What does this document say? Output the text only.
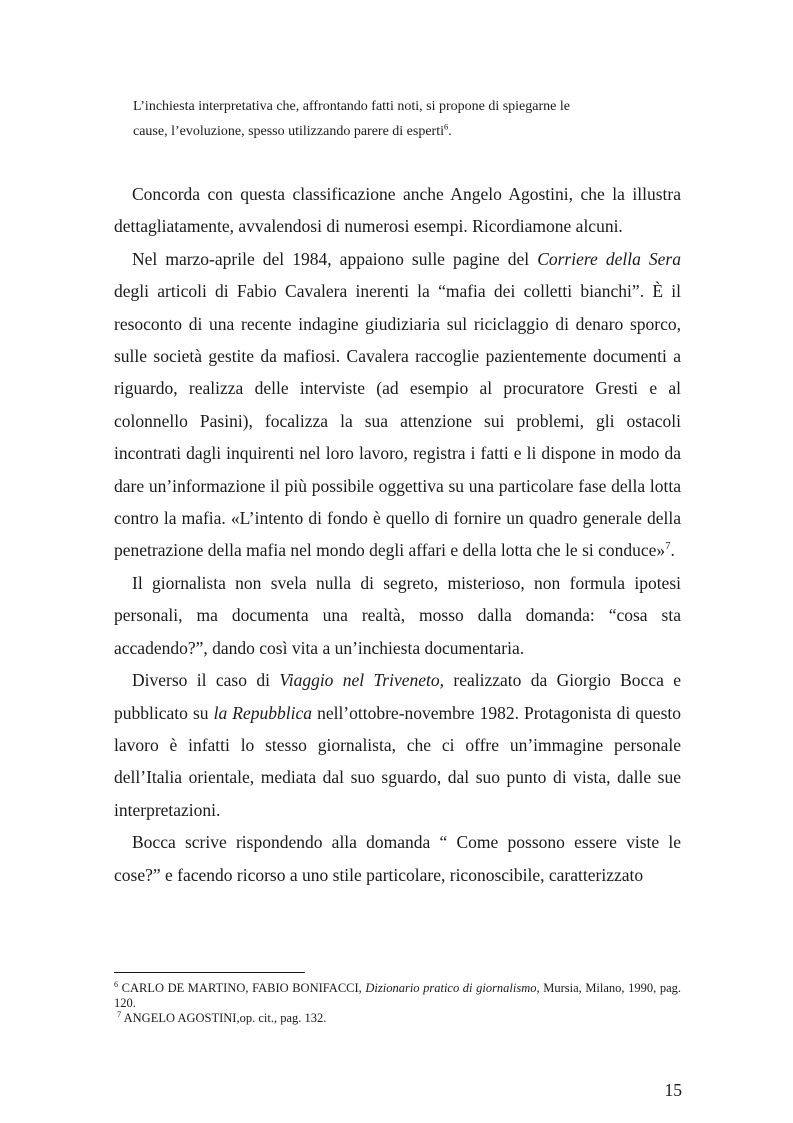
L’inchiesta interpretativa che, affrontando fatti noti, si propone di spiegarne le
cause, l’evoluzione, spesso utilizzando parere di esperti$^6$.

Concorda con questa classificazione anche Angelo Agostini, che la illustra dettagliatamente, avvalendosi di numerosi esempi. Ricordiamone alcuni.

Nel marzo-aprile del 1984, appaiono sulle pagine del Corriere della Sera degli articoli di Fabio Cavalera inerenti la “mafia dei colletti bianchi”. È il resoconto di una recente indagine giudiziaria sul riciclaggio di denaro sporco, sulle società gestite da mafiosi. Cavalera raccoglie pazientemente documenti a riguardo, realizza delle interviste (ad esempio al procuratore Gresti e al colonnello Pasini), focalizza la sua attenzione sui problemi, gli ostacoli incontrati dagli inquirenti nel loro lavoro, registra i fatti e li dispone in modo da dare un’informazione il più possibile oggettiva su una particolare fase della lotta contro la mafia. «L’intento di fondo è quello di fornire un quadro generale della penetrazione della mafia nel mondo degli affari e della lotta che le si conduce»$^7$.

Il giornalista non svela nulla di segreto, misterioso, non formula ipotesi personali, ma documenta una realtà, mosso dalla domanda: “cosa sta accadendo?”, dando così vita a un’inchiesta documentaria.

Diverso il caso di Viaggio nel Triveneto, realizzato da Giorgio Bocca e pubblicato su la Repubblica nell’ottobre-novembre 1982. Protagonista di questo lavoro è infatti lo stesso giornalista, che ci offre un’immagine personale dell’Italia orientale, mediata dal suo sguardo, dal suo punto di vista, dalle sue interpretazioni.

Bocca scrive rispondendo alla domanda “ Come possono essere viste le cose?” e facendo ricorso a uno stile particolare, riconoscibile, caratterizzato

$^6$ CARLO DE MARTINO, FABIO BONIFACCI, Dizionario pratico di giornalismo, Mursia, Milano, 1990, pag. 120.

$^7$ ANGELO AGOSTINI,op. cit., pag. 132.

15
